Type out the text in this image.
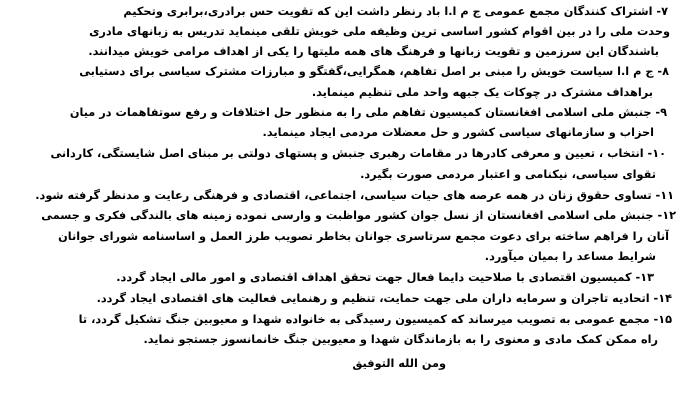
۷- اشتراک کنندگان مجمع عمومی ج م ا.ا باد رنظر داشت این که تقویت حس برادری،برابری وتحکیم
وحدت ملی را در بین اقوام کشور اساسی ترین وظیفه ملی خویش تلقی مینماید تدریس به زبانهای مادری
باشندگان این سرزمین و تقویت زبانها و فرهنگ های همه ملیتها را یکی از اهداف مرامی خویش میدانند.
۸- ج م ا.ا سیاست خویش را مبنی بر اصل تفاهم، همگرایی،گفتگو و مبارزات مشترک سیاسی برای دستیابی
براهداف مشترک در چوکات یک جبهه واحد ملی تنظیم مینماید.
۹- جنبش ملی اسلامی افغانستان کمیسیون تفاهم ملی را به منظور حل اختلافات و رفع سوتفاهمات در میان
احزاب و سازمانهای سیاسی کشور و حل معضلات مردمی ایجاد مینماید.
۱۰- انتخاب ، تعیین و معرفی کادرها در مقامات رهبری جنبش و پستهای دولتی بر مبنای اصل شایستگی، کاردانی
تقوای سیاسی، نیکنامی و اعتبار مردمی صورت بگیرد.
۱۱- تساوی حقوق زنان در همه عرصه های حیات سیاسی، اجتماعی، اقتصادی و فرهنگی رعایت و مدنظر گرفته شود.
۱۲- جنبش ملی اسلامی افغانستان از نسل جوان کشور مواظبت و وارسی نموده زمینه های بالندگی فکری و جسمی
آنان را فراهم ساخته برای دعوت مجمع سرتاسری جوانان بخاطر تصویب طرز العمل و اساسنامه شورای جوانان
شرایط مساعد را بمیان میآورد.
۱۳- کمیسیون اقتصادی با صلاحیت دایما فعال جهت تحقق اهداف اقتصادی و امور مالی ایجاد گردد.
۱۴- اتحادیه تاجران و سرمایه داران ملی جهت حمایت، تنظیم و رهنمایی فعالیت های اقتصادی ایجاد گردد.
۱۵- مجمع عمومی به تصویب میرساند که کمیسیون رسیدگی به خانواده شهدا و معیوبین جنگ تشکیل گردد، تا
راه ممکن کمک مادی و معنوی را به بازماندگان شهدا و معیوبین جنگ خانمانسوز جستجو نماید.
ومن الله التوفیق
